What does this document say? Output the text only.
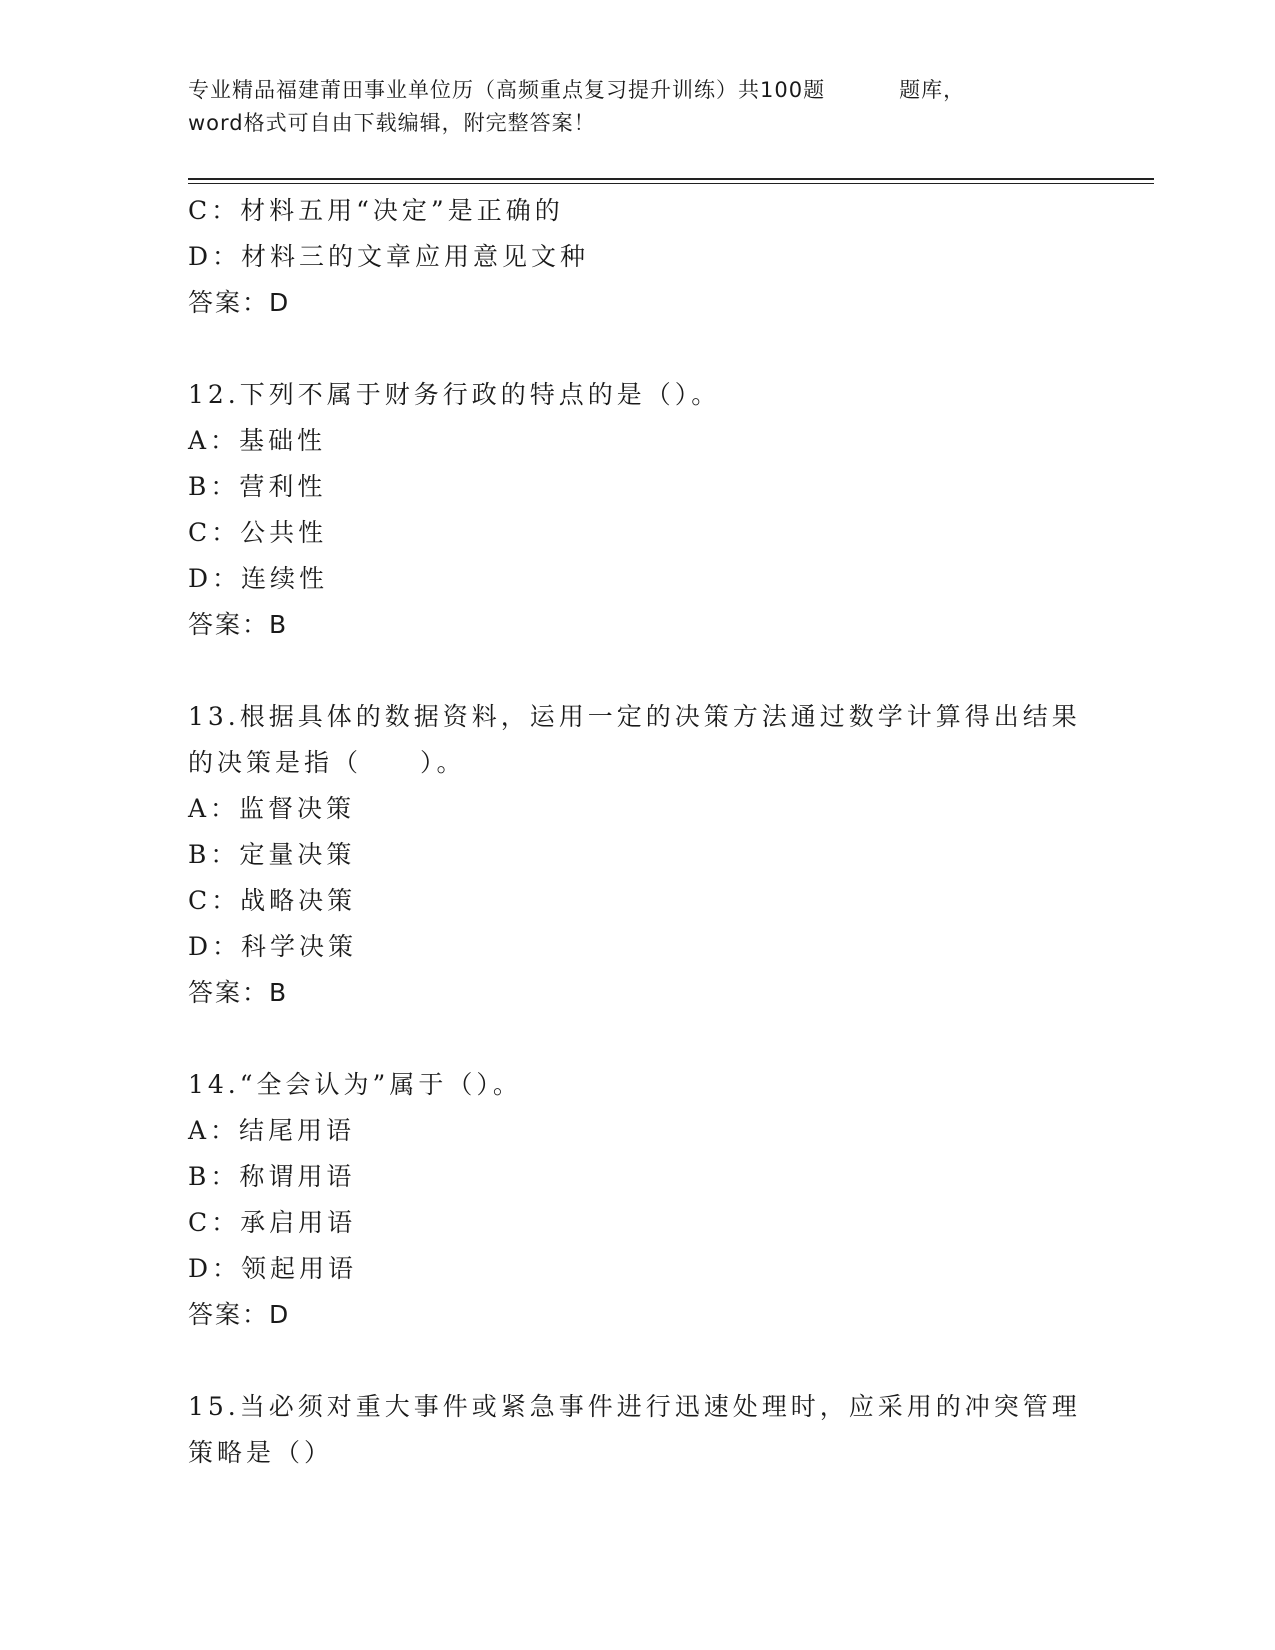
专业精品福建莆田事业单位历（高频重点复习提升训练）共100题	题库，
word格式可自由下载编辑，附完整答案！
C：材料五用“决定”是正确的
D：材料三的文章应用意见文种
答案：D
12.下列不属于财务行政的特点的是（）。
A：基础性
B：营利性
C：公共性
D：连续性
答案：B
13.根据具体的数据资料，运用一定的决策方法通过数学计算得出结果
的决策是指（　　）。
A：监督决策
B：定量决策
C：战略决策
D：科学决策
答案：B
14.“全会认为”属于（）。
A：结尾用语
B：称谓用语
C：承启用语
D：领起用语
答案：D
15.当必须对重大事件或紧急事件进行迅速处理时，应采用的冲突管理
策略是（）
